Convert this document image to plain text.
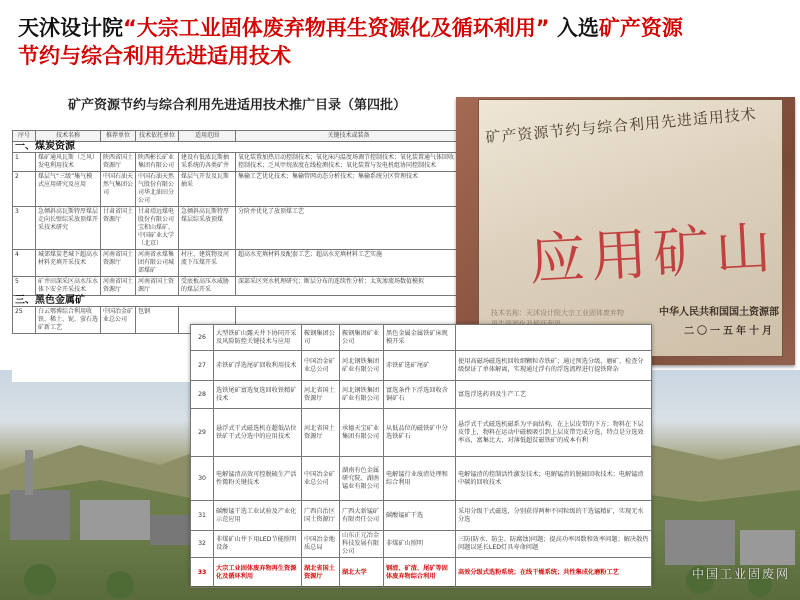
天沭设计院“大宗工业固体废弃物再生资源化及循环利用” 入选矿产资源
节约与综合利用先进适用技术
矿产资源节约与综合利用先进适用技术推广目录（第四批）
序号	技术名称	推荐单位	技术依托单位	适用范围	关键技术或装备
一、煤炭资源					
1	煤矿通风瓦斯（乏风）发电利用技术	陕西省国土资源厅	陕西彬长矿业集团有限公司	建设有低浓瓦斯抽采系统的各类矿井	氧化装置加热启动控制技术；氧化床内温度场调节控制技术；氧化装置通气体回收控制技术；乏风甲烷浓度在线检测技术；氧化装置与发电机组协同控制技术
2	煤层气“三级”集气模式应用研究及应用	中国石油天然气集团公司	中国石油天然气股份有限公司华北油田分公司	煤层气开发及瓦斯抽采	集输工艺优化技术；集输管网动态分析技术；集输系统分区管理技术
3	急倾斜高瓦斯特厚煤层走向长壁综采放顶煤开采技术研究	甘肃省国土资源厅	甘肃靖远煤电股份有限公司宝积山煤矿、中国矿业大学（北京）	急倾斜高瓦斯特厚煤层综采放顶煤	分阶并优化了放顶煤工艺
4	城郊煤炭老城下超高水材料充填开采技术	河南省国土资源厅	河南省永煤集团有限公司城郊煤矿	村庄、建筑物及河流下压煤开采	超高水充填材料及配套工艺；超高水充填材料工艺实施
5	矿井田深采区高水压水体下安全开采技术	河南省国土资源厅	河南省国土资源厅	受底板高压水威胁的煤层开采	深部采区突水机理研究；断层分布的连续性分析；太灰渗流场数值模拟
三、黑色金属矿					
25	白云鄂博综合利用收铁、稀土、铌、萤石选矿新工艺	中国冶金矿业总公司	包钢		
矿产资源节约与综合利用先进适用技术
应用矿山
技术名称：天沭设计院大宗工业固体废弃物	中华人民共和国国土资源部
二〇一五年十月
26	大型铁矿山露天井下协同开采及风险防控关键技术与应用	鞍钢集团公司	鞍钢集团矿业公司	黑色金属金属铁矿床规模开采	
27	赤铁矿浮选尾矿回收利用技术	中国冶金矿业总公司	河北钢铁集团矿业有限公司	赤铁矿选矿尾矿	使用高磁场磁选机回收细颗粒赤铁矿；通过预选分级、磨矿、检查分级保证了单体解离，实现通过浮有的浮选流程进行提铁降杂
28	选铁尾矿富选复选回收铁精矿技术	河北省国土资源厅	河北钢铁集团矿业有限公司	富选条件下浮选回收含铜矿石	富选浮选药剂及生产工艺
29	悬浮式干式磁选机在超低品位铁矿干式分选中的应用技术	河北省国土资源厅	承德天宝矿业集团有限公司	从低品位的磁铁矿中分选铁矿石	悬浮式干式磁选机磁系为平面结构，在上层皮带的下方；物料在下层皮带上，物料在运动中磁极吸引到上层皮带完成分选，特点是分选效率高，富集比大，对薄低超贫磁铁矿的成本有利
30	电解锰渣高效可控脱硫生产活性微粉关键技术	中国冶金矿业总公司	湖南有色金属研究院、湖南锰业有限公司	电解锰行业废渣处理和综合利用	电解锰渣的控制活性激发技术；电解锰渣的脱硫回收技术；电解锰渣中碳的回收技术
31	碳酸锰干选工业试验及产业化示范应用	广西自治区国土资源厅	广西大新锰矿有限责任公司	碳酸锰矿干选	采用分级干式磁选，分别获得两种不同粒级的干选锰精矿，实现无水分选
32	非煤矿山井下用LED节能照明设备	中国冶金地质总局	山东正元冶金科技发展有限公司	非煤矿山照明	三防(防水、防尘、防腐蚀)问题；提高功率因数和效率问题；解决散热问题以延长LED灯具寿命问题
33	大宗工业固体废弃物再生资源化及循环利用	湖北省国土资源厅	湖北大学	钢渣、矿渣、尾矿等固体废弃物综合利用	高效分级式选粉系统；在线干燥系统；共性集成化磨粉工艺	中国工业固废网
